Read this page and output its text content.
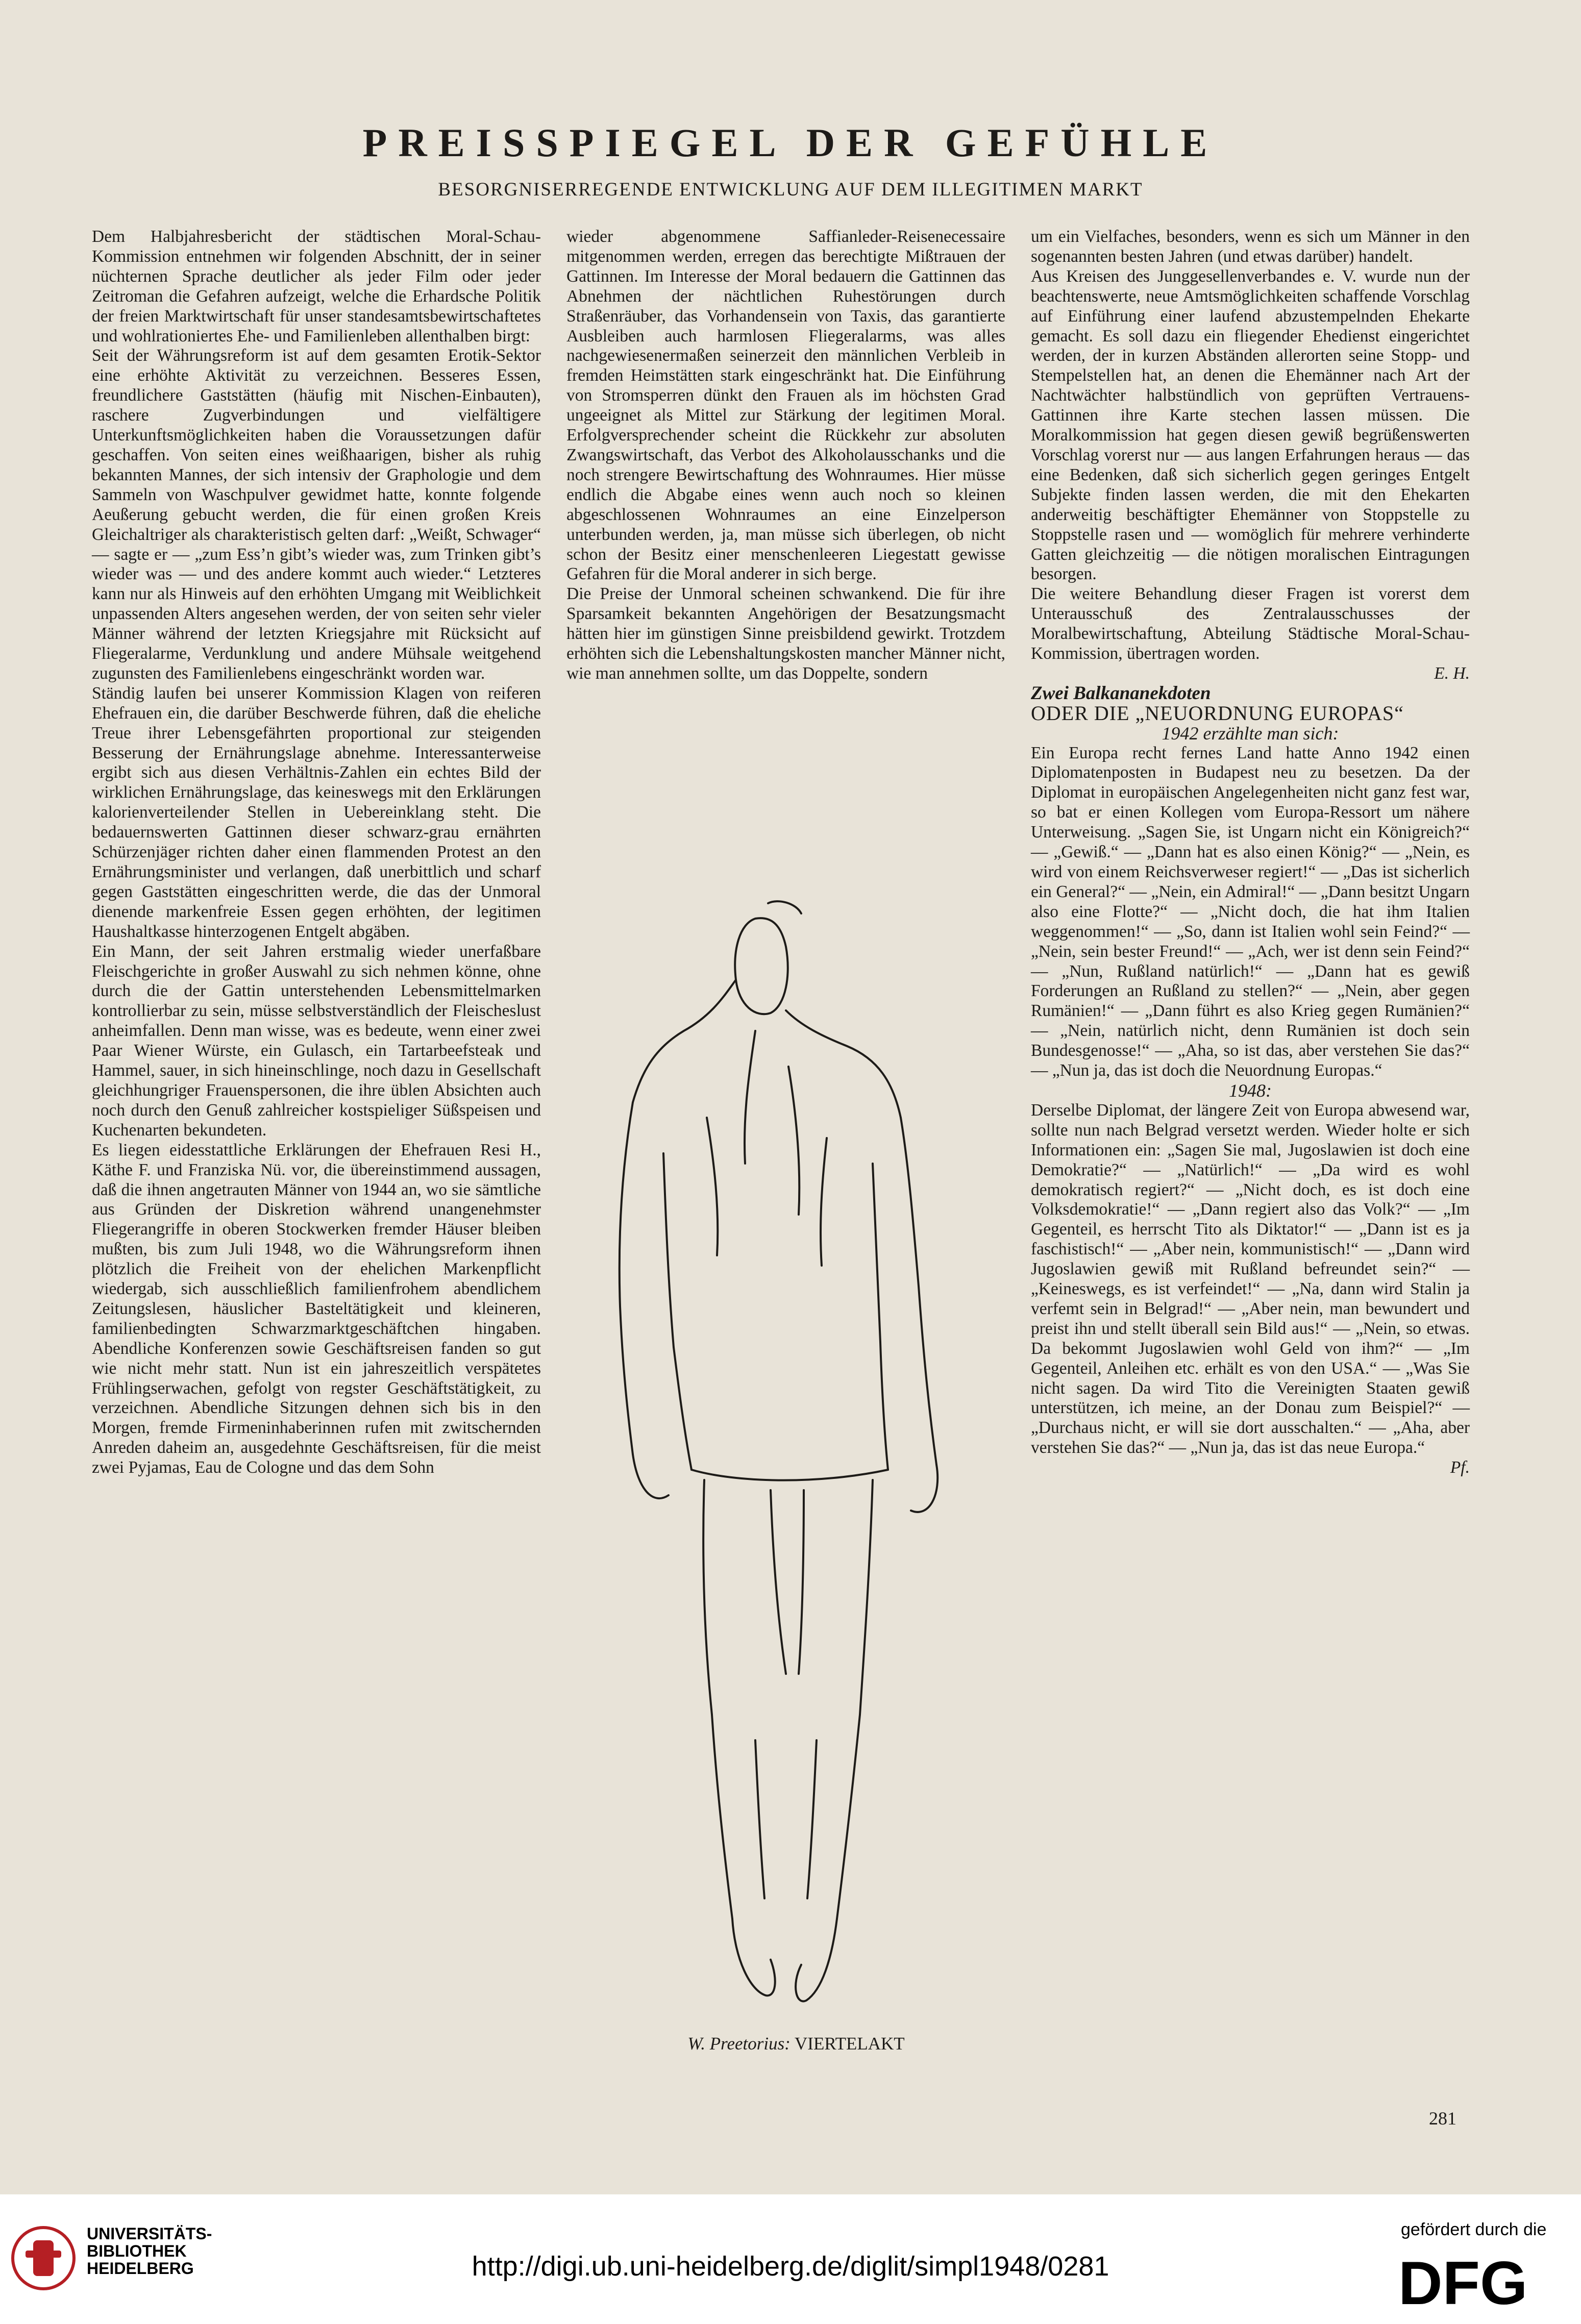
PREISSPIEGEL DER GEFÜHLE
BESORGNISERREGENDE ENTWICKLUNG AUF DEM ILLEGITIMEN MARKT

Dem Halbjahresbericht der städtischen Moral-Schau-Kommission entnehmen wir folgenden Abschnitt, der in seiner nüchternen Sprache deutlicher als jeder Film oder jeder Zeitroman die Gefahren aufzeigt, welche die Erhardsche Politik der freien Marktwirtschaft für unser standesamtsbewirtschaftetes und wohlrationiertes Ehe- und Familienleben allenthalben birgt:

Seit der Währungsreform ist auf dem gesamten Erotik-Sektor eine erhöhte Aktivität zu verzeichnen. Besseres Essen, freundlichere Gaststätten (häufig mit Nischen-Einbauten), raschere Zugverbindungen und vielfältigere Unterkunftsmöglichkeiten haben die Voraussetzungen dafür geschaffen. Von seiten eines weißhaarigen, bisher als ruhig bekannten Mannes, der sich intensiv der Graphologie und dem Sammeln von Waschpulver gewidmet hatte, konnte folgende Aeußerung gebucht werden, die für einen großen Kreis Gleichaltriger als charakteristisch gelten darf: „Weißt, Schwager“ — sagte er — „zum Ess’n gibt’s wieder was, zum Trinken gibt’s wieder was — und des andere kommt auch wieder.“ Letzteres kann nur als Hinweis auf den erhöhten Umgang mit Weiblichkeit unpassenden Alters angesehen werden, der von seiten sehr vieler Männer während der letzten Kriegsjahre mit Rücksicht auf Fliegeralarme, Verdunklung und andere Mühsale weitgehend zugunsten des Familienlebens eingeschränkt worden war.

Ständig laufen bei unserer Kommission Klagen von reiferen Ehefrauen ein, die darüber Beschwerde führen, daß die eheliche Treue ihrer Lebensgefährten proportional zur steigenden Besserung der Ernährungslage abnehme. Interessanterweise ergibt sich aus diesen Verhältnis-Zahlen ein echtes Bild der wirklichen Ernährungslage, das keineswegs mit den Erklärungen kalorienverteilender Stellen in Uebereinklang steht. Die bedauernswerten Gattinnen dieser schwarz-grau ernährten Schürzenjäger richten daher einen flammenden Protest an den Ernährungsminister und verlangen, daß unerbittlich und scharf gegen Gaststätten eingeschritten werde, die das der Unmoral dienende markenfreie Essen gegen erhöhten, der legitimen Haushaltkasse hinterzogenen Entgelt abgäben.

Ein Mann, der seit Jahren erstmalig wieder unerfaßbare Fleischgerichte in großer Auswahl zu sich nehmen könne, ohne durch die der Gattin unterstehenden Lebensmittelmarken kontrollierbar zu sein, müsse selbstverständlich der Fleischeslust anheimfallen. Denn man wisse, was es bedeute, wenn einer zwei Paar Wiener Würste, ein Gulasch, ein Tartarbeefsteak und Hammel, sauer, in sich hineinschlinge, noch dazu in Gesellschaft gleichhungriger Frauenspersonen, die ihre üblen Absichten auch noch durch den Genuß zahlreicher kostspieliger Süßspeisen und Kuchenarten bekundeten.

Es liegen eidesstattliche Erklärungen der Ehefrauen Resi H., Käthe F. und Franziska Nü. vor, die übereinstimmend aussagen, daß die ihnen angetrauten Männer von 1944 an, wo sie sämtliche aus Gründen der Diskretion während unangenehmster Fliegerangriffe in oberen Stockwerken fremder Häuser bleiben mußten, bis zum Juli 1948, wo die Währungsreform ihnen plötzlich die Freiheit von der ehelichen Markenpflicht wiedergab, sich ausschließlich familienfrohem abendlichem Zeitungslesen, häuslicher Basteltätigkeit und kleineren, familienbedingten Schwarzmarktgeschäftchen hingaben. Abendliche Konferenzen sowie Geschäftsreisen fanden so gut wie nicht mehr statt. Nun ist ein jahreszeitlich verspätetes Frühlingserwachen, gefolgt von regster Geschäftstätigkeit, zu verzeichnen. Abendliche Sitzungen dehnen sich bis in den Morgen, fremde Firmeninhaberinnen rufen mit zwitschernden Anreden daheim an, ausgedehnte Geschäftsreisen, für die meist zwei Pyjamas, Eau de Cologne und das dem Sohn

wieder abgenommene Saffianleder-Reisenecessaire mitgenommen werden, erregen das berechtigte Mißtrauen der Gattinnen. Im Interesse der Moral bedauern die Gattinnen das Abnehmen der nächtlichen Ruhestörungen durch Straßenräuber, das Vorhandensein von Taxis, das garantierte Ausbleiben auch harmlosen Fliegeralarms, was alles nachgewiesenermaßen seinerzeit den männlichen Verbleib in fremden Heimstätten stark eingeschränkt hat. Die Einführung von Stromsperren dünkt den Frauen als im höchsten Grad ungeeignet als Mittel zur Stärkung der legitimen Moral. Erfolgversprechender scheint die Rückkehr zur absoluten Zwangswirtschaft, das Verbot des Alkoholausschanks und die noch strengere Bewirtschaftung des Wohnraumes. Hier müsse endlich die Abgabe eines wenn auch noch so kleinen abgeschlossenen Wohnraumes an eine Einzelperson unterbunden werden, ja, man müsse sich überlegen, ob nicht schon der Besitz einer menschenleeren Liegestatt gewisse Gefahren für die Moral anderer in sich berge.

Die Preise der Unmoral scheinen schwankend. Die für ihre Sparsamkeit bekannten Angehörigen der Besatzungsmacht hätten hier im günstigen Sinne preisbildend gewirkt. Trotzdem erhöhten sich die Lebenshaltungskosten mancher Männer nicht, wie man annehmen sollte, um das Doppelte, sondern

W. Preetorius: VIERTELAKT

um ein Vielfaches, besonders, wenn es sich um Männer in den sogenannten besten Jahren (und etwas darüber) handelt.

Aus Kreisen des Junggesellenverbandes e. V. wurde nun der beachtenswerte, neue Amtsmöglichkeiten schaffende Vorschlag auf Einführung einer laufend abzustempelnden Ehekarte gemacht. Es soll dazu ein fliegender Ehedienst eingerichtet werden, der in kurzen Abständen allerorten seine Stopp- und Stempelstellen hat, an denen die Ehemänner nach Art der Nachtwächter halbstündlich von geprüften Vertrauens-Gattinnen ihre Karte stechen lassen müssen. Die Moralkommission hat gegen diesen gewiß begrüßenswerten Vorschlag vorerst nur — aus langen Erfahrungen heraus — das eine Bedenken, daß sich sicherlich gegen geringes Entgelt Subjekte finden lassen werden, die mit den Ehekarten anderweitig beschäftigter Ehemänner von Stoppstelle zu Stoppstelle rasen und — womöglich für mehrere verhinderte Gatten gleichzeitig — die nötigen moralischen Eintragungen besorgen.

Die weitere Behandlung dieser Fragen ist vorerst dem Unterausschuß des Zentralausschusses der Moralbewirtschaftung, Abteilung Städtische Moral-Schau-Kommission, übertragen worden.

E. H.

Zwei Balkananekdoten

ODER DIE „NEUORDNUNG EUROPAS“

1942 erzählte man sich:

Ein Europa recht fernes Land hatte Anno 1942 einen Diplomatenposten in Budapest neu zu besetzen. Da der Diplomat in europäischen Angelegenheiten nicht ganz fest war, so bat er einen Kollegen vom Europa-Ressort um nähere Unterweisung. „Sagen Sie, ist Ungarn nicht ein Königreich?“ — „Gewiß.“ — „Dann hat es also einen König?“ — „Nein, es wird von einem Reichsverweser regiert!“ — „Das ist sicherlich ein General?“ — „Nein, ein Admiral!“ — „Dann besitzt Ungarn also eine Flotte?“ — „Nicht doch, die hat ihm Italien weggenommen!“ — „So, dann ist Italien wohl sein Feind?“ — „Nein, sein bester Freund!“ — „Ach, wer ist denn sein Feind?“ — „Nun, Rußland natürlich!“ — „Dann hat es gewiß Forderungen an Rußland zu stellen?“ — „Nein, aber gegen Rumänien!“ — „Dann führt es also Krieg gegen Rumänien?“ — „Nein, natürlich nicht, denn Rumänien ist doch sein Bundesgenosse!“ — „Aha, so ist das, aber verstehen Sie das?“ — „Nun ja, das ist doch die Neuordnung Europas.“

1948:

Derselbe Diplomat, der längere Zeit von Europa abwesend war, sollte nun nach Belgrad versetzt werden. Wieder holte er sich Informationen ein: „Sagen Sie mal, Jugoslawien ist doch eine Demokratie?“ — „Natürlich!“ — „Da wird es wohl demokratisch regiert?“ — „Nicht doch, es ist doch eine Volksdemokratie!“ — „Dann regiert also das Volk?“ — „Im Gegenteil, es herrscht Tito als Diktator!“ — „Dann ist es ja faschistisch!“ — „Aber nein, kommunistisch!“ — „Dann wird Jugoslawien gewiß mit Rußland befreundet sein?“ — „Keineswegs, es ist verfeindet!“ — „Na, dann wird Stalin ja verfemt sein in Belgrad!“ — „Aber nein, man bewundert und preist ihn und stellt überall sein Bild aus!“ — „Nein, so etwas. Da bekommt Jugoslawien wohl Geld von ihm?“ — „Im Gegenteil, Anleihen etc. erhält es von den USA.“ — „Was Sie nicht sagen. Da wird Tito die Vereinigten Staaten gewiß unterstützen, ich meine, an der Donau zum Beispiel?“ — „Durchaus nicht, er will sie dort ausschalten.“ — „Aha, aber verstehen Sie das?“ — „Nun ja, das ist das neue Europa.“

Pf.

281
UNIVERSITÄTS-
BIBLIOTHEK
HEIDELBERG	http://digi.ub.uni-heidelberg.de/diglit/simpl1948/0281
gefördert durch die
DFG
